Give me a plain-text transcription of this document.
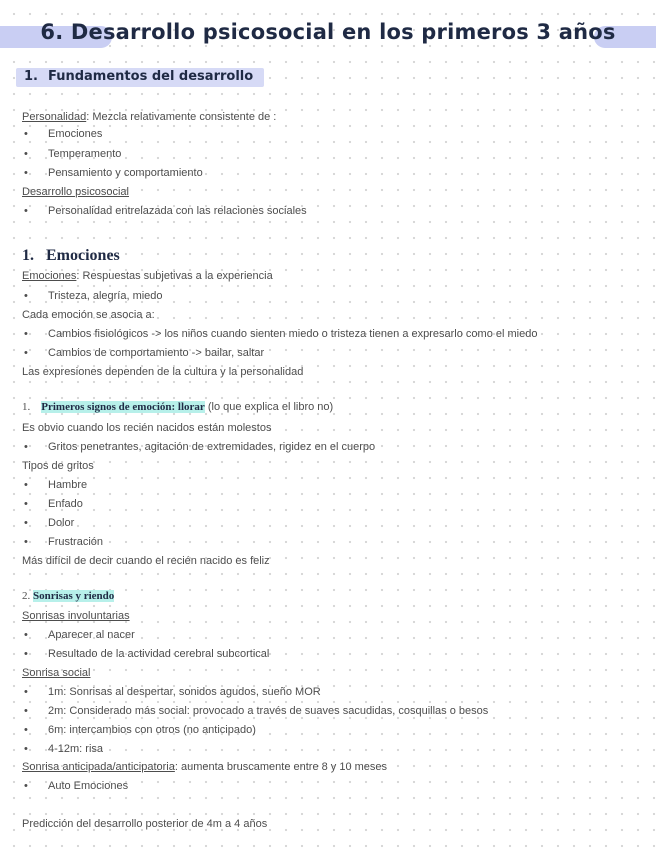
6. Desarrollo psicosocial en los primeros 3 años
1. Fundamentos del desarrollo
Personalidad: Mezcla relativamente consistente de :
• Emociones
• Temperamento
• Pensamiento y comportamiento
Desarrollo psicosocial
• Personalidad entrelazada con las relaciones sociales
1. Emociones
Emociones: Respuestas subjetivas a la experiencia
• Tristeza, alegría, miedo
Cada emoción se asocia a:
• Cambios fisiológicos -> los niños cuando sienten miedo o tristeza tienen a expresarlo como el miedo
• Cambios de comportamiento -> bailar, saltar
Las expresiones dependen de la cultura y la personalidad
1. Primeros signos de emoción: llorar (lo que explica el libro no)
Es obvio cuando los recién nacidos están molestos
• Gritos penetrantes, agitación de extremidades, rigidez en el cuerpo
Tipos de gritos
• Hambre
• Enfado
• Dolor
• Frustración
Más difícil de decir cuando el recién nacido es feliz
2. Sonrisas y riendo
Sonrisas involuntarias
• Aparecer al nacer
• Resultado de la actividad cerebral subcortical
Sonrisa social
• 1m: Sonrisas al despertar, sonidos agudos, sueño MOR
• 2m: Considerado más social: provocado a través de suaves sacudidas, cosquillas o besos
• 6m: intercambios con otros (no anticipado)
• 4-12m: risa
Sonrisa anticipada/anticipatoria: aumenta bruscamente entre 8 y 10 meses
• Auto Emociones
Predicción del desarrollo posterior de 4m a 4 años
